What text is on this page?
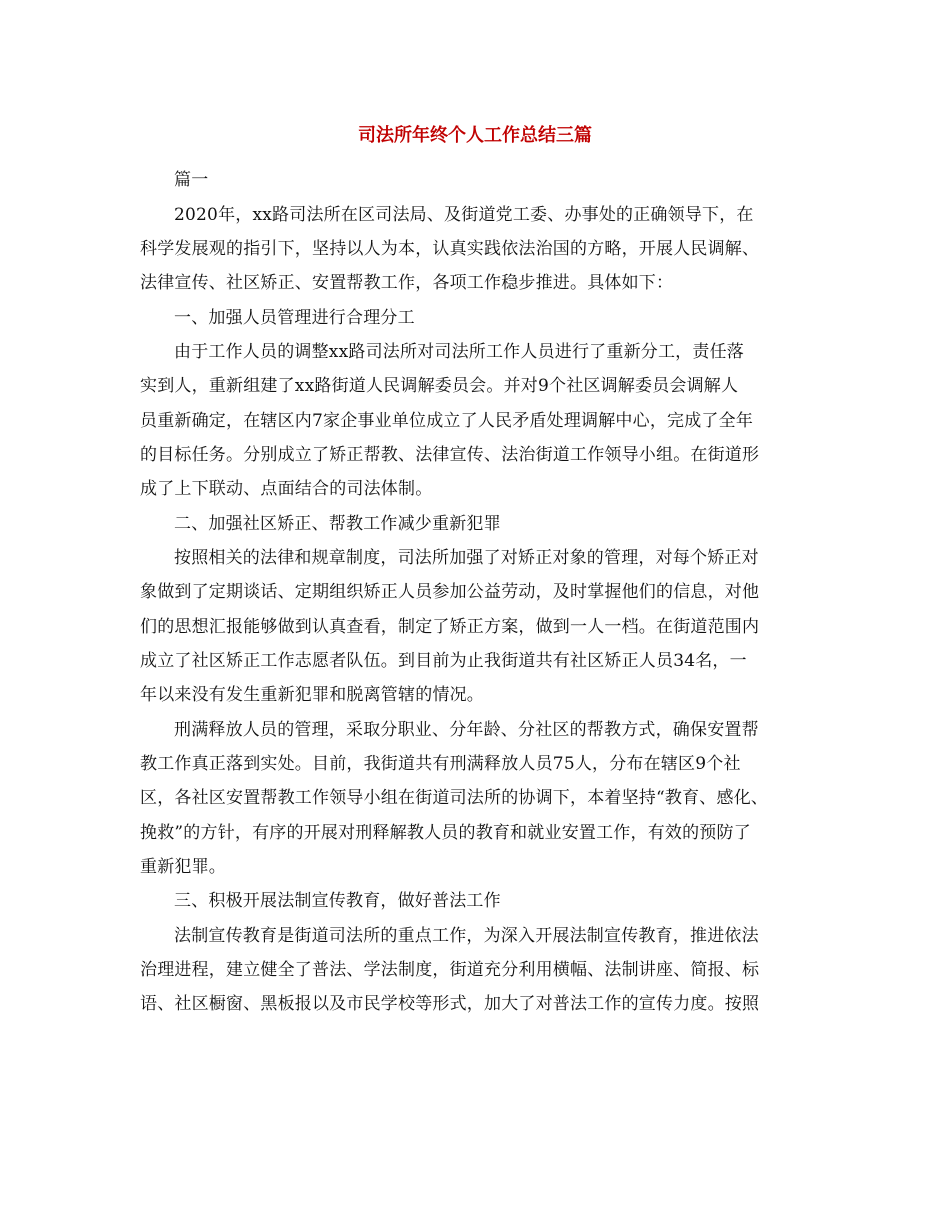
司法所年终个人工作总结三篇
篇一
2020年，xx路司法所在区司法局、及街道党工委、办事处的正确领导下，在
科学发展观的指引下，坚持以人为本，认真实践依法治国的方略，开展人民调解、
法律宣传、社区矫正、安置帮教工作，各项工作稳步推进。具体如下：
一、加强人员管理进行合理分工
由于工作人员的调整xx路司法所对司法所工作人员进行了重新分工，责任落
实到人，重新组建了xx路街道人民调解委员会。并对9个社区调解委员会调解人
员重新确定，在辖区内7家企事业单位成立了人民矛盾处理调解中心，完成了全年
的目标任务。分别成立了矫正帮教、法律宣传、法治街道工作领导小组。在街道形
成了上下联动、点面结合的司法体制。
二、加强社区矫正、帮教工作减少重新犯罪
按照相关的法律和规章制度，司法所加强了对矫正对象的管理，对每个矫正对
象做到了定期谈话、定期组织矫正人员参加公益劳动，及时掌握他们的信息，对他
们的思想汇报能够做到认真查看，制定了矫正方案，做到一人一档。在街道范围内
成立了社区矫正工作志愿者队伍。到目前为止我街道共有社区矫正人员34名，一
年以来没有发生重新犯罪和脱离管辖的情况。
刑满释放人员的管理，采取分职业、分年龄、分社区的帮教方式，确保安置帮
教工作真正落到实处。目前，我街道共有刑满释放人员75人，分布在辖区9个社
区，各社区安置帮教工作领导小组在街道司法所的协调下，本着坚持“教育、感化、
挽救”的方针，有序的开展对刑释解教人员的教育和就业安置工作，有效的预防了
重新犯罪。
三、积极开展法制宣传教育，做好普法工作
法制宣传教育是街道司法所的重点工作，为深入开展法制宣传教育，推进依法
治理进程，建立健全了普法、学法制度，街道充分利用横幅、法制讲座、简报、标
语、社区橱窗、黑板报以及市民学校等形式，加大了对普法工作的宣传力度。按照
